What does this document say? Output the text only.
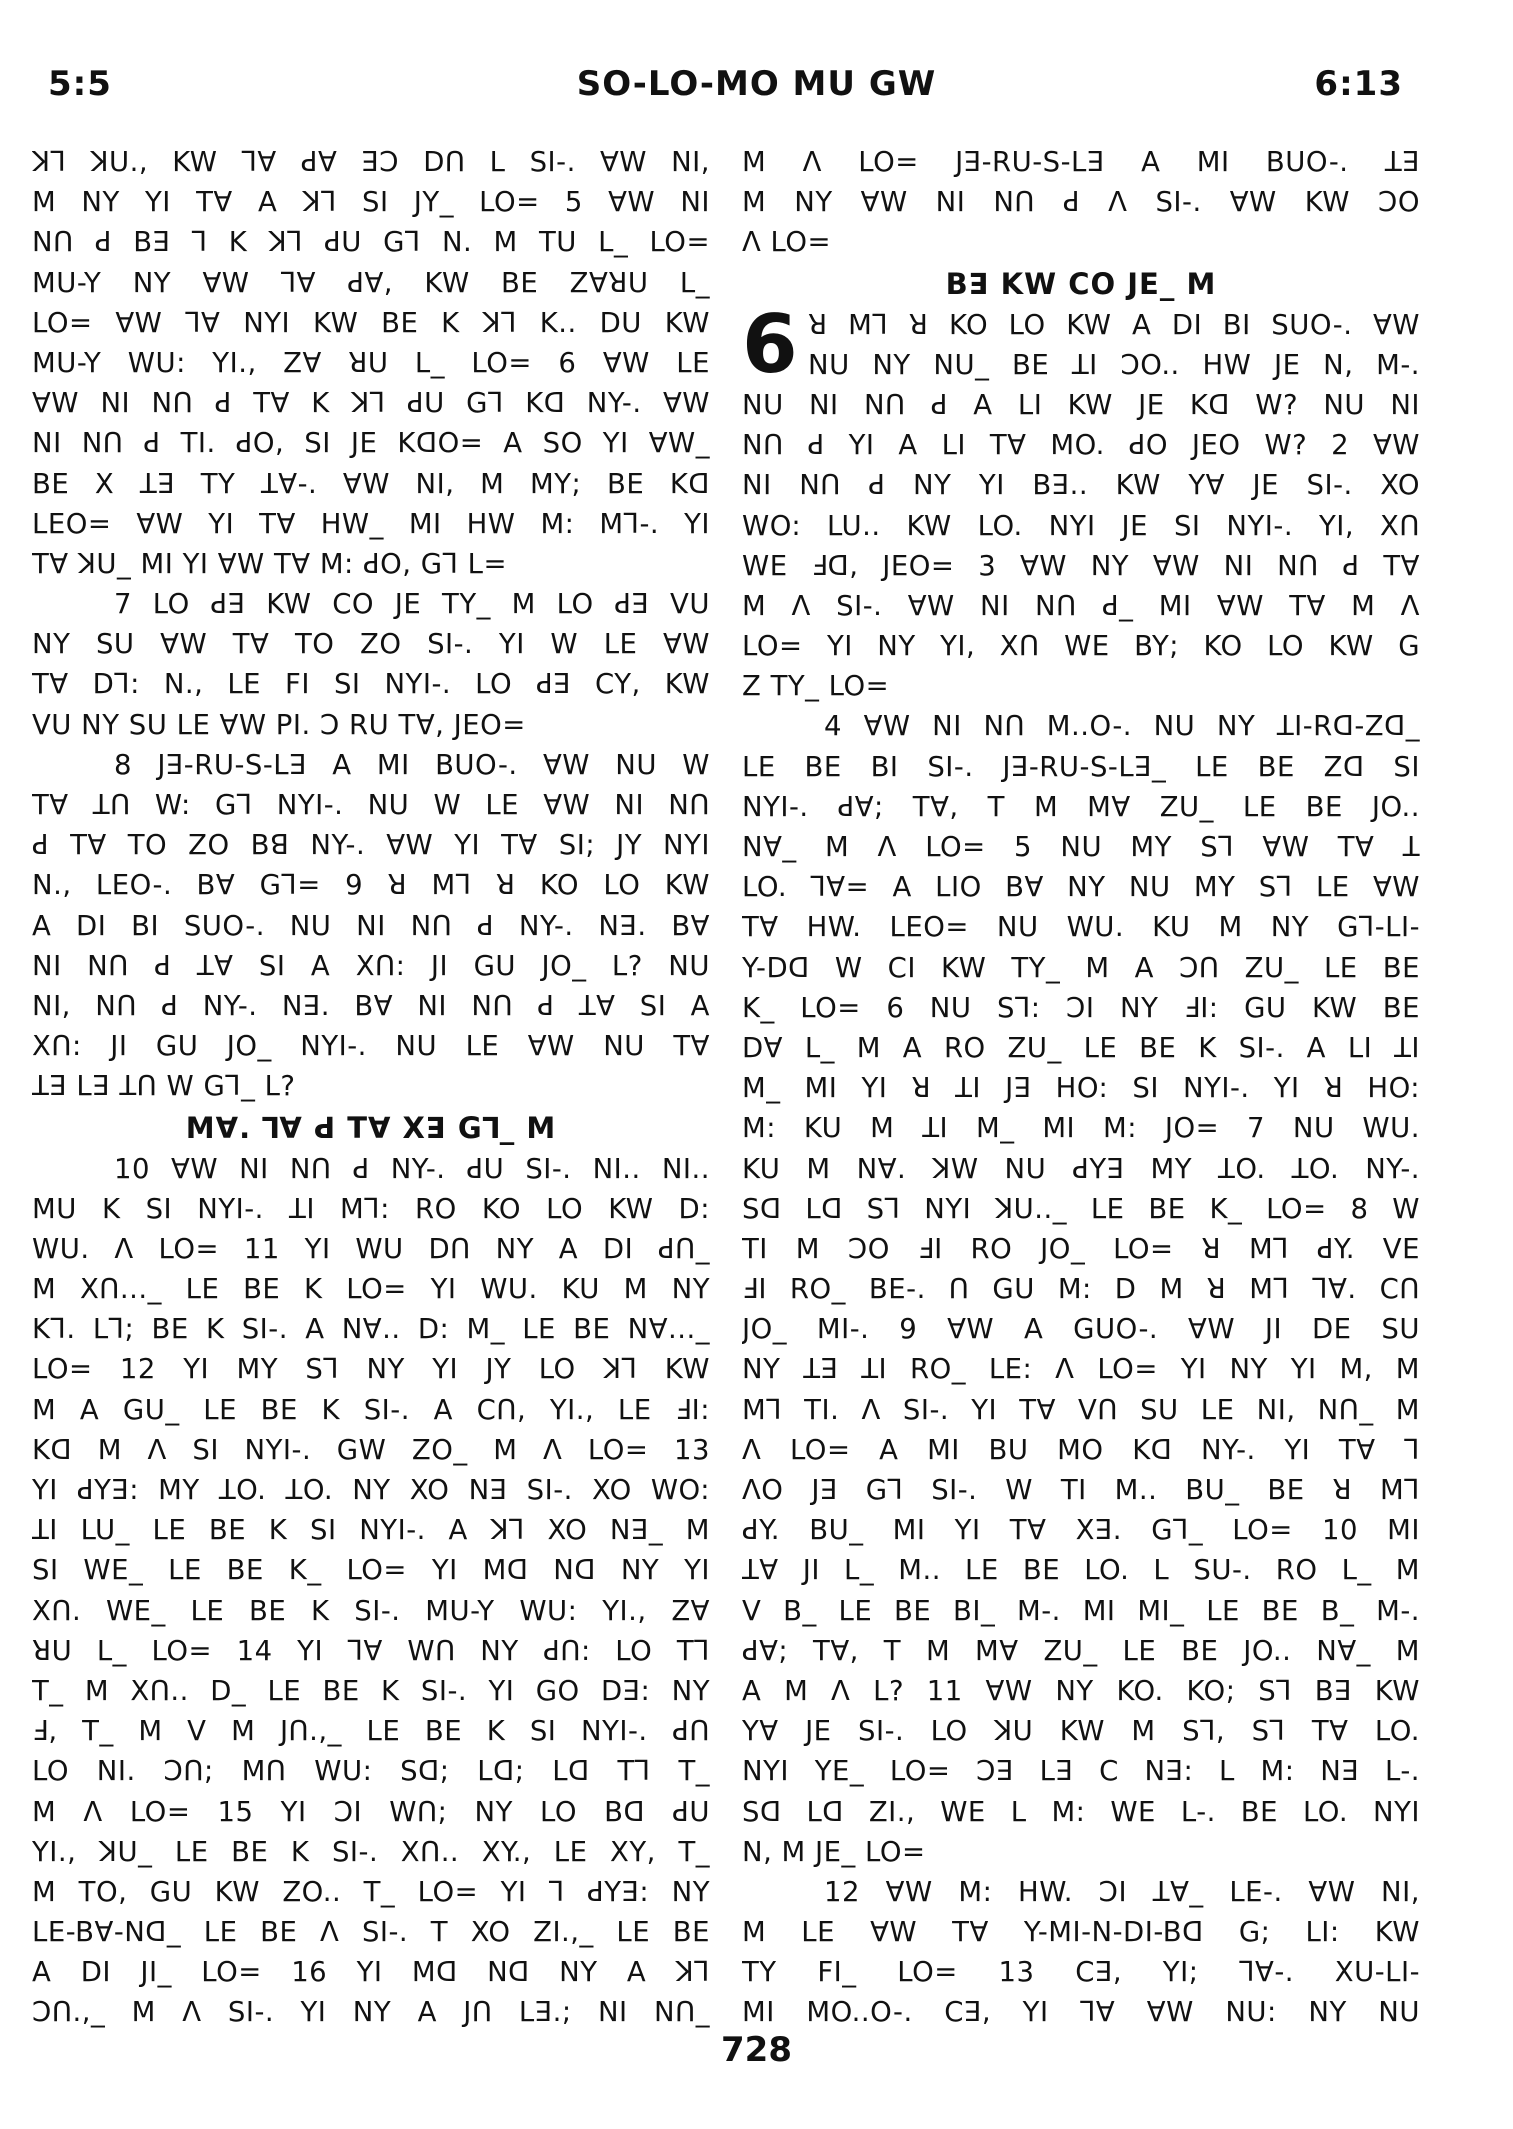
5:5	SO-LO-MO MU GW	6:13
ꓘꓶ ꓘꓴ., KW ꓶꓯ ꓒꓯ ꓱꓛ ꓓꓵ L SI-. ꓯW NI,
M NY YI Tꓯ A ꓘꓶ SI JY_ LO= 5 ꓯW NI
Nꓵ ꓒ Bꓱ ꓶ K ꓘꓶ ꓒU Gꓶ N. M TU L_ LO=
MU-Y NY ꓯW ꓶꓯ ꓒꓯ, KW BE ZꓯꓤU L_
LO= ꓯW ꓶꓯ NYI KW BE K ꓘꓶ K.. DU KW
MU-Y WU: YI., Zꓯ ꓤU L_ LO= 6 ꓯW LE
ꓯW NI Nꓵ ꓒ Tꓯ K ꓘꓶ ꓒU Gꓶ Kꓷ NY-. ꓯW
NI Nꓵ ꓒ TI. ꓒO, SI JE Kꓷꓳ= A SO YI ꓯW_
BE X ꓕꓱ TY ꓕꓯ-. ꓯW NI, M MY; BE Kꓷ
LEO= ꓯW YI Tꓯ HW_ MI HW M: Mꓶ-. YI
Tꓯ ꓘꓴ_ MI YI ꓯW Tꓯ M: ꓒO, Gꓶ L=
7 LO ꓒꓱ KW CO JE TY_ M LO ꓒꓱ VU
NY SU ꓯW Tꓯ TO ZO SI-. YI W LE ꓯW
Tꓯ Dꓶ: N., LE FI SI NYI-. LO ꓒꓱ CY, KW
VU NY SU LE ꓯW PI. ꓛ RU Tꓯ, JEO=
8 Jꓱ-RU-S-Lꓱ A MI BUO-. ꓯW NU W
Tꓯ ꓕꓵ W: Gꓶ NYI-. NU W LE ꓯW NI Nꓵ
ꓒ Tꓯ TO ZO Bꓭ NY-. ꓯW YI Tꓯ SI; JY NYI
N., LEO-. Bꓯ Gꓶ= 9 ꓤ Mꓶ ꓤ KO LO KW
A DI BI SUO-. NU NI Nꓵ ꓒ NY-. Nꓱ. Bꓯ
NI Nꓵ ꓒ ꓕꓯ SI A Xꓵ: JI GU JO_ L? NU
NI, Nꓵ ꓒ NY-. Nꓱ. Bꓯ NI Nꓵ ꓒ ꓕꓯ SI A
Xꓵ: JI GU JO_ NYI-. NU LE ꓯW NU Tꓯ
ꓕꓱ Lꓱ ꓕꓵ W Gꓶ_ L?
Mꓯ. ꓶꓯ ꓒ Tꓯ Xꓱ Gꓶ_ M
10 ꓯW NI Nꓵ ꓒ NY-. ꓒU SI-. NI.. NI..
MU K SI NYI-. ꓕI Mꓶ: RO KO LO KW D:
WU. ꓥ LO= 11 YI WU Dꓵ NY A DI ꓒꓵ_
M Xꓵ..._ LE BE K LO= YI WU. KU M NY
Kꓶ. Lꓶ; BE K SI-. A Nꓯ.. D: M_ LE BE Nꓯ..._
LO= 12 YI MY Sꓶ NY YI JY LO ꓘꓶ KW
M A GU_ LE BE K SI-. A Cꓵ, YI., LE ꓞI:
Kꓷ M ꓥ SI NYI-. GW ZO_ M ꓥ LO= 13
YI ꓒYꓱ: MY ꓕO. ꓕO. NY XO Nꓱ SI-. XO WO:
ꓕI LU_ LE BE K SI NYI-. A ꓘꓶ XO Nꓱ_ M
SI WE_ LE BE K_ LO= YI Mꓷ Nꓷ NY YI
Xꓵ. WE_ LE BE K SI-. MU-Y WU: YI., Zꓯ
ꓤU L_ LO= 14 YI ꓶꓯ Wꓵ NY ꓒꓵ: LO Tꓶ
T_ M Xꓵ.. D_ LE BE K SI-. YI GO Dꓱ: NY
ꓞ, T_ M V M Jꓵ.,_ LE BE K SI NYI-. ꓒꓵ
LO NI. ꓛꓵ; Mꓵ WU: Sꓷ; Lꓷ; Lꓷ Tꓶ T_
M ꓥ LO= 15 YI ꓛI Wꓵ; NY LO Bꓷ ꓒU
YI., ꓘꓴ_ LE BE K SI-. Xꓵ.. XY., LE XY, T_
M TO, GU KW ZO.. T_ LO= YI ꓶ ꓒYꓱ: NY
LE-Bꓯ-Nꓷ_ LE BE ꓥ SI-. T XO ZI.,_ LE BE
A DI JI_ LO= 16 YI Mꓷ Nꓷ NY A ꓘꓶ
ꓛꓵ.,_ M ꓥ SI-. YI NY A Jꓵ Lꓱ.; NI Nꓵ_
M ꓥ LO= Jꓱ-RU-S-Lꓱ A MI BUO-. ꓕꓱ
M NY ꓯW NI Nꓵ ꓒ ꓥ SI-. ꓯW KW ꓛO
ꓥ LO=
Bꓱ KW CO JE_ M
6 ꓤ Mꓶ ꓤ KO LO KW A DI BI SUO-. ꓯW
NU NY NU_ BE ꓕI ꓛO.. HW JE N, M-.
NU NI Nꓵ ꓒ A LI KW JE Kꓷ W? NU NI
Nꓵ ꓒ YI A LI Tꓯ MO. ꓒO JEO W? 2 ꓯW
NI Nꓵ ꓒ NY YI Bꓱ.. KW Yꓯ JE SI-. XO
WO: LU.. KW LO. NYI JE SI NYI-. YI, Xꓵ
WE ꓞꓷ, JEO= 3 ꓯW NY ꓯW NI Nꓵ ꓒ Tꓯ
M ꓥ SI-. ꓯW NI Nꓵ ꓒ_ MI ꓯW Tꓯ M ꓥ
LO= YI NY YI, Xꓵ WE BY; KO LO KW G
Z TY_ LO=
4 ꓯW NI Nꓵ M..O-. NU NY ꓕI-Rꓷ-Zꓷ_
LE BE BI SI-. Jꓱ-RU-S-Lꓱ_ LE BE Zꓷ SI
NYI-. ꓒꓯ; Tꓯ, T M Mꓯ ZU_ LE BE JO..
Nꓯ_ M ꓥ LO= 5 NU MY Sꓶ ꓯW Tꓯ ꓕ
LO. ꓶꓯ= A LIO Bꓯ NY NU MY Sꓶ LE ꓯW
Tꓯ HW. LEO= NU WU. KU M NY Gꓶ-LI-
Y-Dꓷ W CI KW TY_ M A ꓛꓵ ZU_ LE BE
K_ LO= 6 NU Sꓶ: ꓛI NY ꓞI: GU KW BE
Dꓯ L_ M A RO ZU_ LE BE K SI-. A LI ꓕI
M_ MI YI ꓤ ꓕI Jꓱ HO: SI NYI-. YI ꓤ HO:
M: KU M ꓕI M_ MI M: JO= 7 NU WU.
KU M Nꓯ. ꓘW NU ꓒYꓱ MY ꓕO. ꓕO. NY-.
Sꓷ Lꓷ Sꓶ NYI ꓘꓴ.._ LE BE K_ LO= 8 W
TI M ꓛO ꓞI RO JO_ LO= ꓤ Mꓶ ꓒY. VE
ꓞI RO_ BE-. ꓵ GU M: D M ꓤ Mꓶ ꓶꓯ. Cꓵ
JO_ MI-. 9 ꓯW A GUO-. ꓯW JI DE SU
NY ꓕꓱ ꓕI RO_ LE: ꓥ LO= YI NY YI M, M
Mꓶ TI. ꓥ SI-. YI Tꓯ Vꓵ SU LE NI, Nꓵ_ M
ꓥ LO= A MI BU MO Kꓷ NY-. YI Tꓯ ꓶ
ꓥO Jꓱ Gꓶ SI-. W TI M.. BU_ BE ꓤ Mꓶ
ꓒY. BU_ MI YI Tꓯ Xꓱ. Gꓶ_ LO= 10 MI
ꓕꓯ JI L_ M.. LE BE LO. L SU-. RO L_ M
V B_ LE BE BI_ M-. MI MI_ LE BE B_ M-.
ꓒꓯ; Tꓯ, T M Mꓯ ZU_ LE BE JO.. Nꓯ_ M
A M ꓥ L? 11 ꓯW NY KO. KO; Sꓶ Bꓱ KW
Yꓯ JE SI-. LO ꓘꓴ KW M Sꓶ, Sꓶ Tꓯ LO.
NYI YE_ LO= ꓛꓱ Lꓱ C Nꓱ: L M: Nꓱ L-.
Sꓷ Lꓷ ZI., WE L M: WE L-. BE LO. NYI
N, M JE_ LO=
12 ꓯW M: HW. ꓛI ꓕꓯ_ LE-. ꓯW NI,
M LE ꓯW Tꓯ Y-MI-N-DI-Bꓷ G; LI: KW
TY FI_ LO= 13 Cꓱ, YI; ꓶꓯ-. XU-LI-
MI MO..O-. Cꓱ, YI ꓶꓯ ꓯW NU: NY NU
728
